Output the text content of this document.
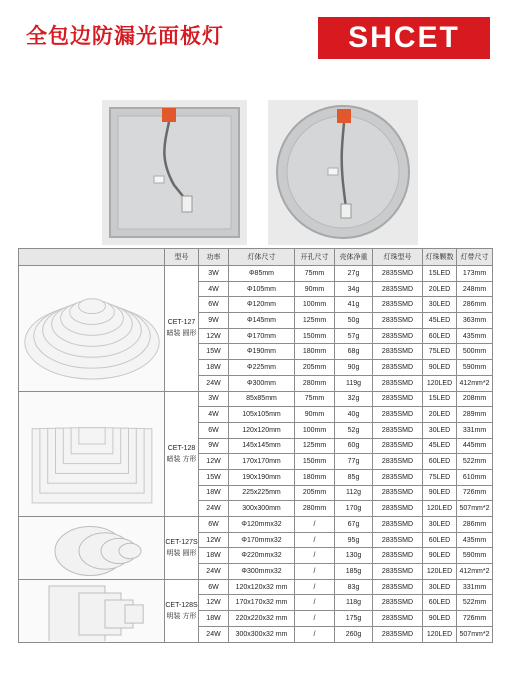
全包边防漏光面板灯	SHCET
	型号	功率	灯体尺寸	开孔尺寸	壳体净重	灯珠型号	灯珠颗数	灯带尺寸

CET-127
暗装 圆形	3W	Φ85mm	75mm	27g	2835SMD	15LED	173mm
		4W	Φ105mm	90mm	34g	2835SMD	20LED	248mm
		6W	Φ120mm	100mm	41g	2835SMD	30LED	286mm
		9W	Φ145mm	125mm	50g	2835SMD	45LED	363mm
		12W	Φ170mm	150mm	57g	2835SMD	60LED	435mm
		15W	Φ190mm	180mm	68g	2835SMD	75LED	500mm
		18W	Φ225mm	205mm	90g	2835SMD	90LED	590mm
		24W	Φ300mm	280mm	119g	2835SMD	120LED	412mm*2

CET-128
暗装 方形	3W	85x85mm	75mm	32g	2835SMD	15LED	208mm
		4W	105x105mm	90mm	40g	2835SMD	20LED	289mm
		6W	120x120mm	100mm	52g	2835SMD	30LED	331mm
		9W	145x145mm	125mm	60g	2835SMD	45LED	445mm
		12W	170x170mm	150mm	77g	2835SMD	60LED	522mm
		15W	190x190mm	180mm	85g	2835SMD	75LED	610mm
		18W	225x225mm	205mm	112g	2835SMD	90LED	726mm
		24W	300x300mm	280mm	170g	2835SMD	120LED	507mm*2

CET-127S
明装 圆形	6W	Φ120mmx32	/	67g	2835SMD	30LED	286mm
		12W	Φ170mmx32	/	95g	2835SMD	60LED	435mm
		18W	Φ220mmx32	/	130g	2835SMD	90LED	590mm
		24W	Φ300mmx32	/	185g	2835SMD	120LED	412mm*2

CET-128S
明装 方形	6W	120x120x32 mm	/	83g	2835SMD	30LED	331mm
		12W	170x170x32 mm	/	118g	2835SMD	60LED	522mm
		18W	220x220x32 mm	/	175g	2835SMD	90LED	726mm
		24W	300x300x32 mm	/	260g	2835SMD	120LED	507mm*2
